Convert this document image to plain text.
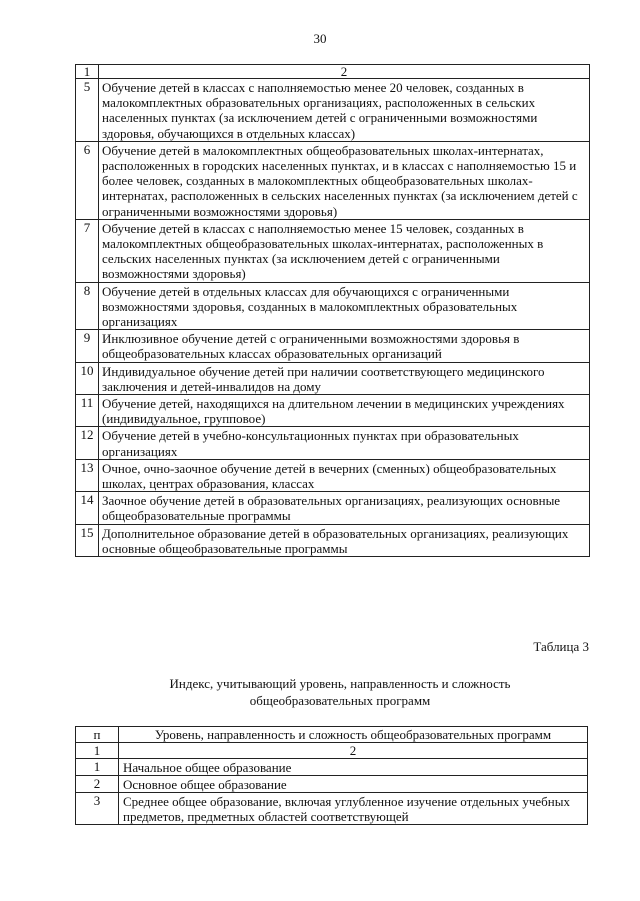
30
1	2
5	Обучение детей в классах с наполняемостью менее 20 человек, созданных в малокомплектных образовательных организациях, расположенных в сельских населенных пунктах (за исключением детей с ограниченными возможностями здоровья, обучающихся в отдельных классах)
6	Обучение детей в малокомплектных общеобразовательных школах-интернатах, расположенных в городских населенных пунктах, и в классах с наполняемостью 15 и более человек, созданных в малокомплектных общеобразовательных школах-интернатах, расположенных в сельских населенных пунктах (за исключением детей с ограниченными возможностями здоровья)
7	Обучение детей в классах с наполняемостью менее 15 человек, созданных в малокомплектных общеобразовательных школах-интернатах, расположенных в сельских населенных пунктах (за исключением детей с ограниченными возможностями здоровья)
8	Обучение детей в отдельных классах для обучающихся с ограниченными возможностями здоровья, созданных в малокомплектных образовательных организациях
9	Инклюзивное обучение детей с ограниченными возможностями здоровья в общеобразовательных классах образовательных организаций
10	Индивидуальное обучение детей при наличии соответствующего медицинского заключения и детей-инвалидов на дому
11	Обучение детей, находящихся на длительном лечении в медицинских учреждениях (индивидуальное, групповое)
12	Обучение детей в учебно-консультационных пунктах при образовательных организациях
13	Очное, очно-заочное обучение детей в вечерних (сменных) общеобразовательных школах, центрах образования, классах
14	Заочное обучение детей в образовательных организациях, реализующих основные общеобразовательные программы
15	Дополнительное образование детей в образовательных организациях, реализующих основные общеобразовательные программы
Таблица 3
Индекс, учитывающий уровень, направленность и сложность
общеобразовательных программ
п	Уровень, направленность и сложность общеобразовательных программ
1	2
1	Начальное общее образование
2	Основное общее образование
3	Среднее общее образование, включая углубленное изучение отдельных учебных предметов, предметных областей соответствующей
